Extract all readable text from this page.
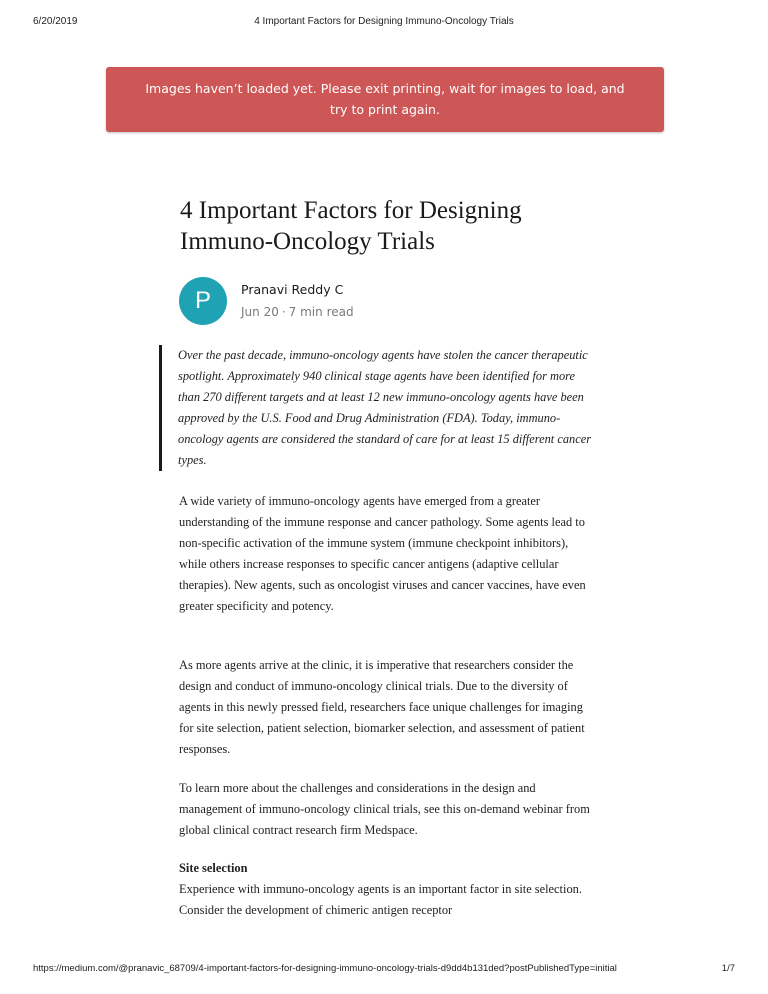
6/20/2019	4 Important Factors for Designing Immuno-Oncology Trials
Images haven’t loaded yet. Please exit printing, wait for images to load, and try to print again.
4 Important Factors for Designing Immuno-Oncology Trials
P	Pranavi Reddy C
Jun 20 · 7 min read
Over the past decade, immuno-oncology agents have stolen the cancer therapeutic spotlight. Approximately 940 clinical stage agents have been identified for more than 270 different targets and at least 12 new immuno-oncology agents have been approved by the U.S. Food and Drug Administration (FDA). Today, immuno-oncology agents are considered the standard of care for at least 15 different cancer types.

A wide variety of immuno-oncology agents have emerged from a greater understanding of the immune response and cancer pathology. Some agents lead to non-specific activation of the immune system (immune checkpoint inhibitors), while others increase responses to specific cancer antigens (adaptive cellular therapies). New agents, such as oncologist viruses and cancer vaccines, have even greater specificity and potency.

As more agents arrive at the clinic, it is imperative that researchers consider the design and conduct of immuno-oncology clinical trials. Due to the diversity of agents in this newly pressed field, researchers face unique challenges for imaging for site selection, patient selection, biomarker selection, and assessment of patient responses.

To learn more about the challenges and considerations in the design and management of immuno-oncology clinical trials, see this on-demand webinar from global clinical contract research firm Medspace.

Site selection
Experience with immuno-oncology agents is an important factor in site selection. Consider the development of chimeric antigen receptor
https://medium.com/@pranavic_68709/4-important-factors-for-designing-immuno-oncology-trials-d9dd4b131ded?postPublishedType=initial	1/7
